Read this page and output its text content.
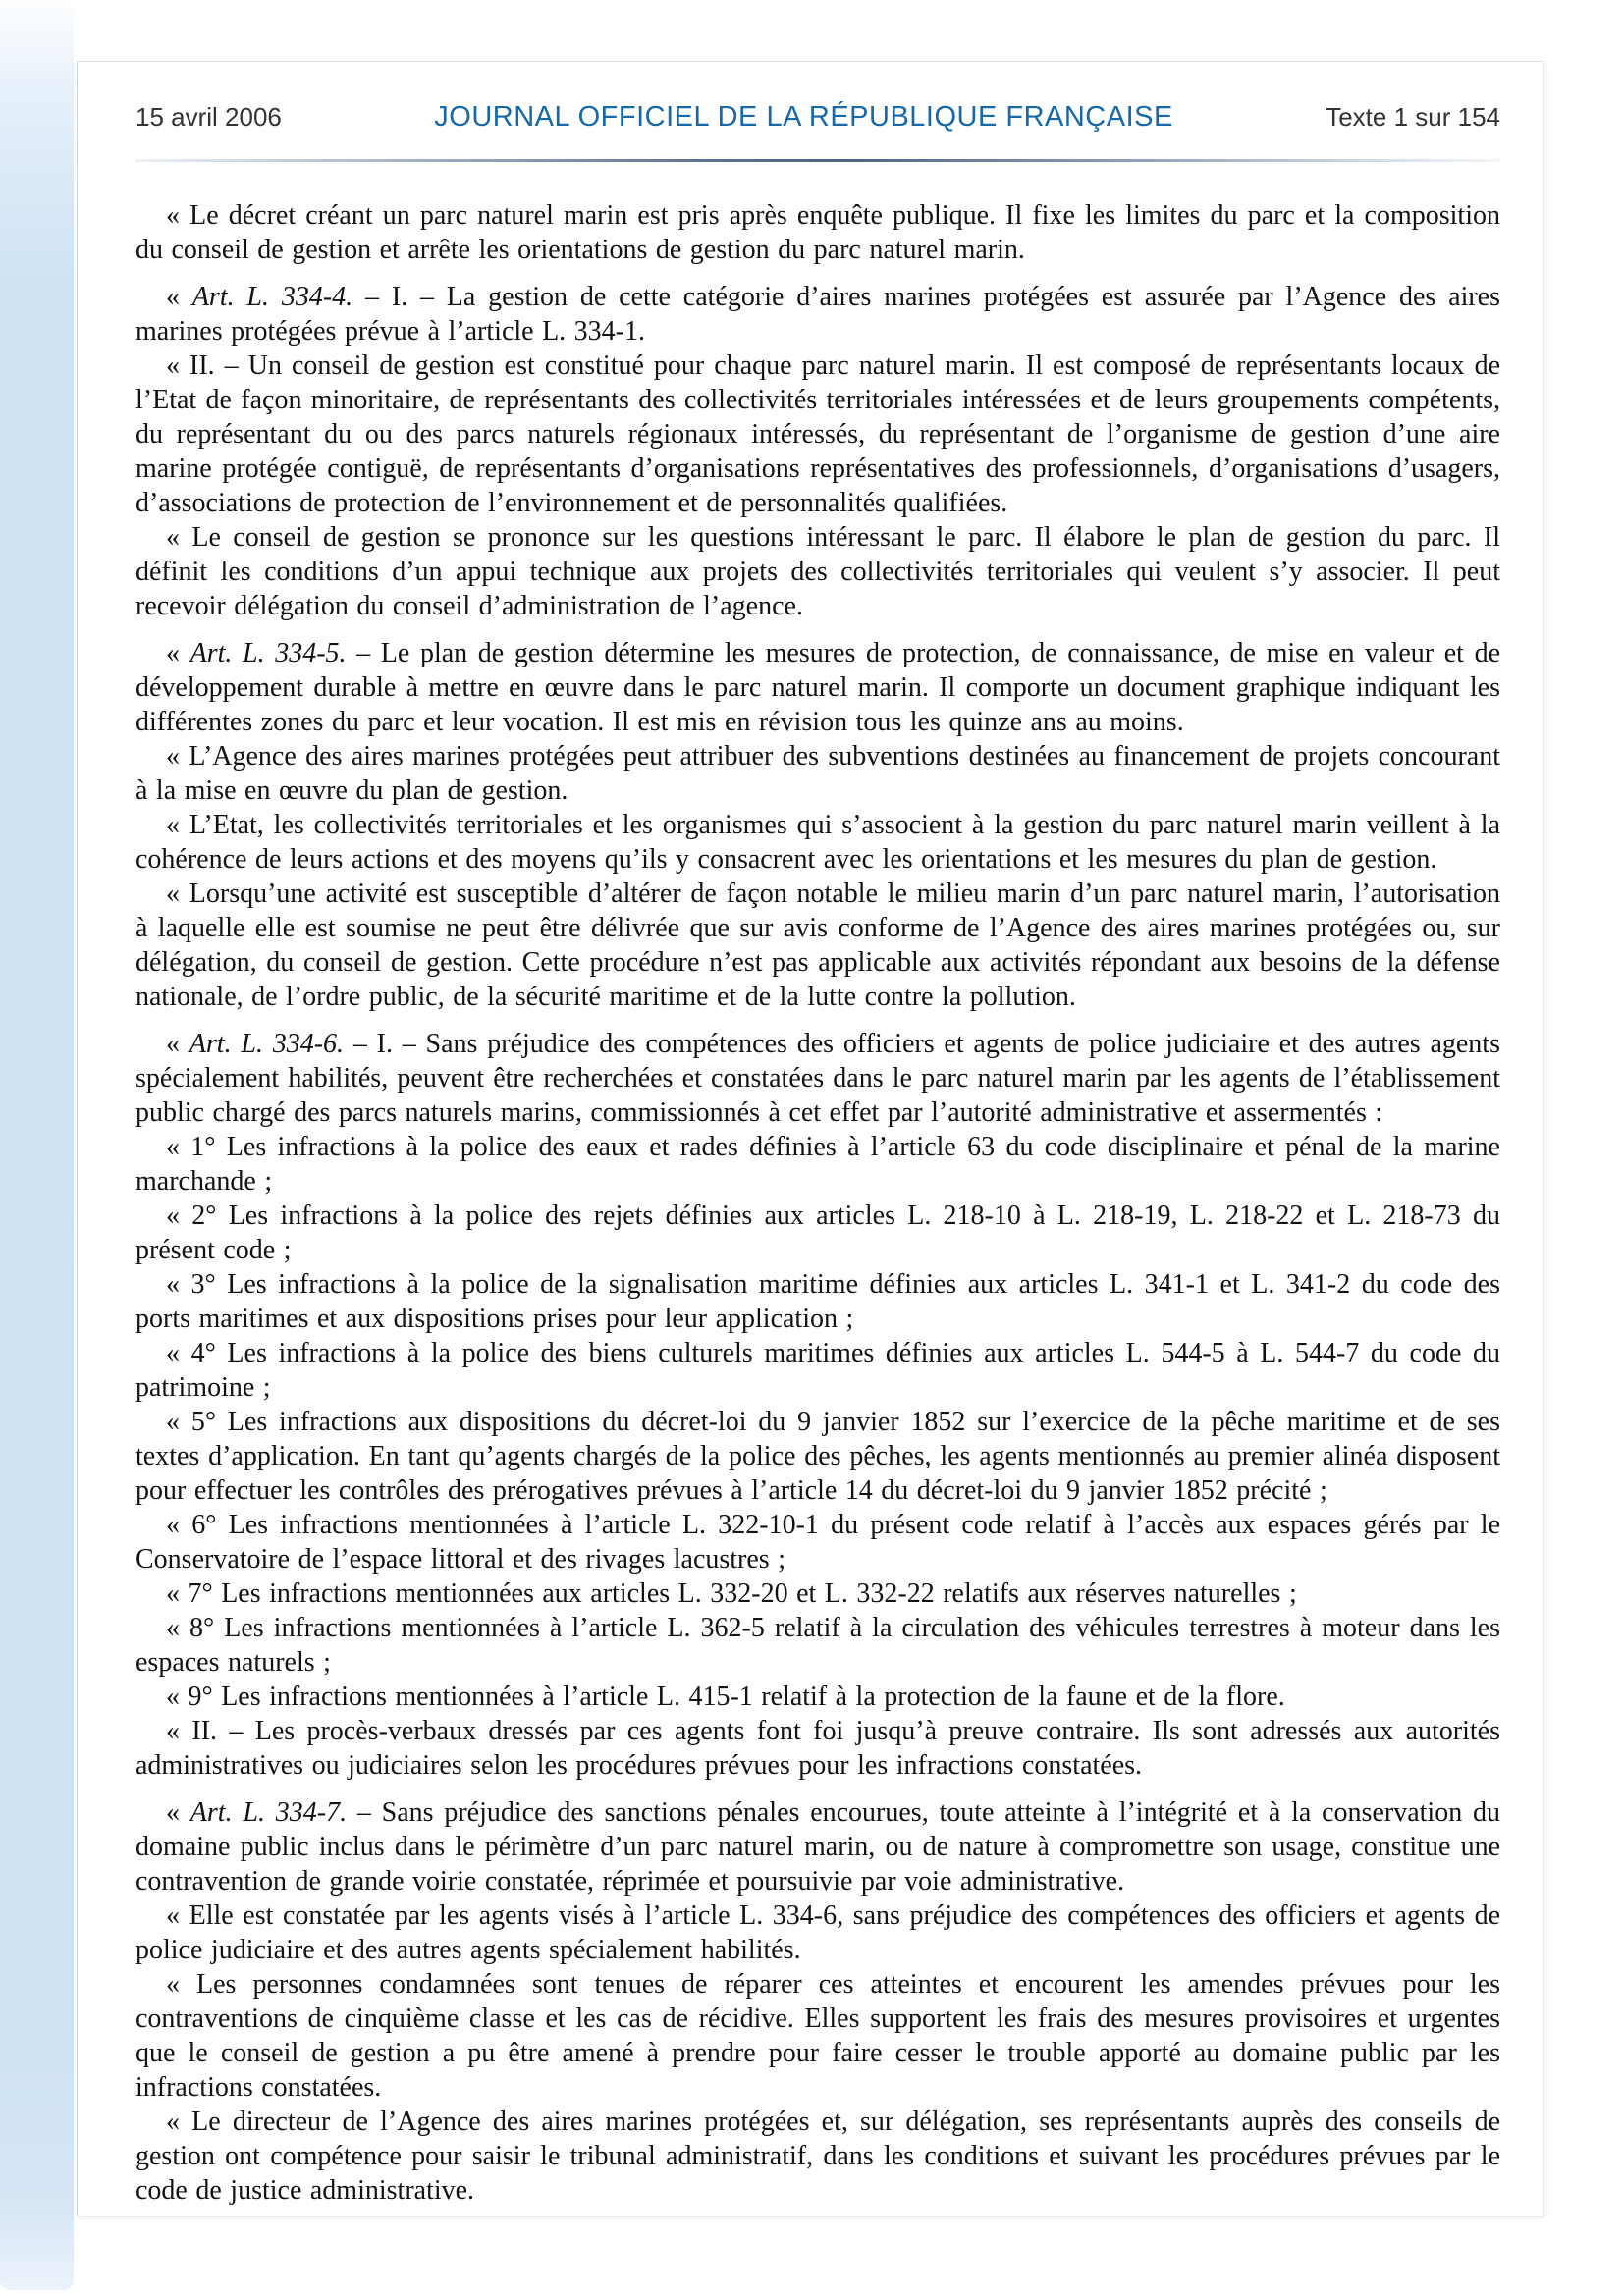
15 avril 2006	JOURNAL OFFICIEL DE LA RÉPUBLIQUE FRANÇAISE	Texte 1 sur 154

« Le décret créant un parc naturel marin est pris après enquête publique. Il fixe les limites du parc et la composition du conseil de gestion et arrête les orientations de gestion du parc naturel marin.

« Art. L. 334-4. – I. – La gestion de cette catégorie d’aires marines protégées est assurée par l’Agence des aires marines protégées prévue à l’article L. 334-1.

« II. – Un conseil de gestion est constitué pour chaque parc naturel marin. Il est composé de représentants locaux de l’Etat de façon minoritaire, de représentants des collectivités territoriales intéressées et de leurs groupements compétents, du représentant du ou des parcs naturels régionaux intéressés, du représentant de l’organisme de gestion d’une aire marine protégée contiguë, de représentants d’organisations représentatives des professionnels, d’organisations d’usagers, d’associations de protection de l’environnement et de personnalités qualifiées.

« Le conseil de gestion se prononce sur les questions intéressant le parc. Il élabore le plan de gestion du parc. Il définit les conditions d’un appui technique aux projets des collectivités territoriales qui veulent s’y associer. Il peut recevoir délégation du conseil d’administration de l’agence.

« Art. L. 334-5. – Le plan de gestion détermine les mesures de protection, de connaissance, de mise en valeur et de développement durable à mettre en œuvre dans le parc naturel marin. Il comporte un document graphique indiquant les différentes zones du parc et leur vocation. Il est mis en révision tous les quinze ans au moins.

« L’Agence des aires marines protégées peut attribuer des subventions destinées au financement de projets concourant à la mise en œuvre du plan de gestion.

« L’Etat, les collectivités territoriales et les organismes qui s’associent à la gestion du parc naturel marin veillent à la cohérence de leurs actions et des moyens qu’ils y consacrent avec les orientations et les mesures du plan de gestion.

« Lorsqu’une activité est susceptible d’altérer de façon notable le milieu marin d’un parc naturel marin, l’autorisation à laquelle elle est soumise ne peut être délivrée que sur avis conforme de l’Agence des aires marines protégées ou, sur délégation, du conseil de gestion. Cette procédure n’est pas applicable aux activités répondant aux besoins de la défense nationale, de l’ordre public, de la sécurité maritime et de la lutte contre la pollution.

« Art. L. 334-6. – I. – Sans préjudice des compétences des officiers et agents de police judiciaire et des autres agents spécialement habilités, peuvent être recherchées et constatées dans le parc naturel marin par les agents de l’établissement public chargé des parcs naturels marins, commissionnés à cet effet par l’autorité administrative et assermentés :

« 1° Les infractions à la police des eaux et rades définies à l’article 63 du code disciplinaire et pénal de la marine marchande ;

« 2° Les infractions à la police des rejets définies aux articles L. 218-10 à L. 218-19, L. 218-22 et L. 218-73 du présent code ;

« 3° Les infractions à la police de la signalisation maritime définies aux articles L. 341-1 et L. 341-2 du code des ports maritimes et aux dispositions prises pour leur application ;

« 4° Les infractions à la police des biens culturels maritimes définies aux articles L. 544-5 à L. 544-7 du code du patrimoine ;

« 5° Les infractions aux dispositions du décret-loi du 9 janvier 1852 sur l’exercice de la pêche maritime et de ses textes d’application. En tant qu’agents chargés de la police des pêches, les agents mentionnés au premier alinéa disposent pour effectuer les contrôles des prérogatives prévues à l’article 14 du décret-loi du 9 janvier 1852 précité ;

« 6° Les infractions mentionnées à l’article L. 322-10-1 du présent code relatif à l’accès aux espaces gérés par le Conservatoire de l’espace littoral et des rivages lacustres ;

« 7° Les infractions mentionnées aux articles L. 332-20 et L. 332-22 relatifs aux réserves naturelles ;

« 8° Les infractions mentionnées à l’article L. 362-5 relatif à la circulation des véhicules terrestres à moteur dans les espaces naturels ;

« 9° Les infractions mentionnées à l’article L. 415-1 relatif à la protection de la faune et de la flore.

« II. – Les procès-verbaux dressés par ces agents font foi jusqu’à preuve contraire. Ils sont adressés aux autorités administratives ou judiciaires selon les procédures prévues pour les infractions constatées.

« Art. L. 334-7. – Sans préjudice des sanctions pénales encourues, toute atteinte à l’intégrité et à la conservation du domaine public inclus dans le périmètre d’un parc naturel marin, ou de nature à compromettre son usage, constitue une contravention de grande voirie constatée, réprimée et poursuivie par voie administrative.

« Elle est constatée par les agents visés à l’article L. 334-6, sans préjudice des compétences des officiers et agents de police judiciaire et des autres agents spécialement habilités.

« Les personnes condamnées sont tenues de réparer ces atteintes et encourent les amendes prévues pour les contraventions de cinquième classe et les cas de récidive. Elles supportent les frais des mesures provisoires et urgentes que le conseil de gestion a pu être amené à prendre pour faire cesser le trouble apporté au domaine public par les infractions constatées.

« Le directeur de l’Agence des aires marines protégées et, sur délégation, ses représentants auprès des conseils de gestion ont compétence pour saisir le tribunal administratif, dans les conditions et suivant les procédures prévues par le code de justice administrative.
